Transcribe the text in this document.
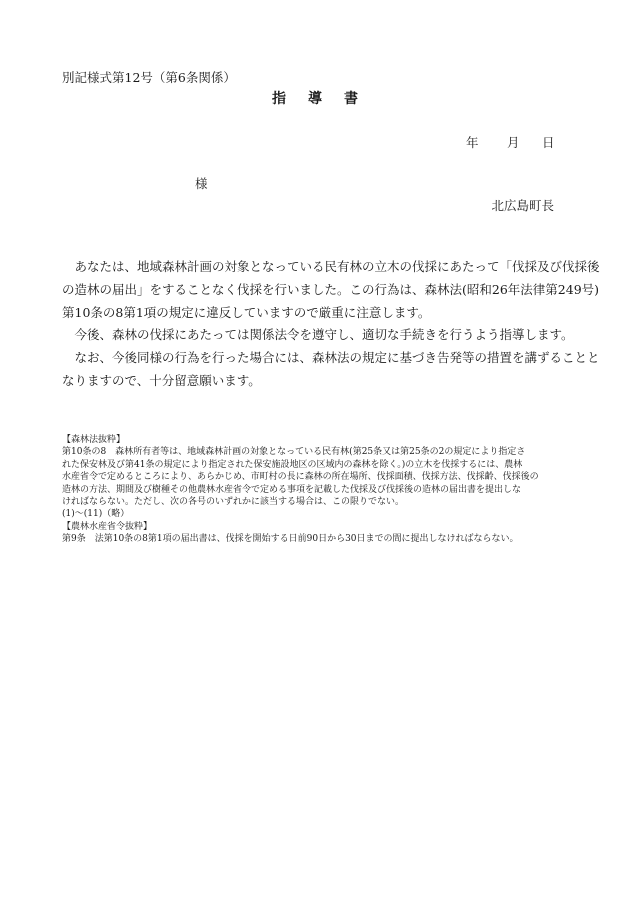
別記様式第12号（第6条関係）
指 導 書
年 月 日
様
北広島町長
あなたは、地域森林計画の対象となっている民有林の立木の伐採にあたって「伐採及び伐採後
の造林の届出」をすることなく伐採を行いました。この行為は、森林法(昭和26年法律第249号)
第10条の8第1項の規定に違反していますので厳重に注意します。
今後、森林の伐採にあたっては関係法令を遵守し、適切な手続きを行うよう指導します。
なお、今後同様の行為を行った場合には、森林法の規定に基づき告発等の措置を講ずることと
なりますので、十分留意願います。
【森林法抜粋】
第10条の8　森林所有者等は、地域森林計画の対象となっている民有林(第25条又は第25条の2の規定により指定さ
れた保安林及び第41条の規定により指定された保安施設地区の区域内の森林を除く。)の立木を伐採するには、農林
水産省令で定めるところにより、あらかじめ、市町村の長に森林の所在場所、伐採面積、伐採方法、伐採齢、伐採後の
造林の方法、期間及び樹種その他農林水産省令で定める事項を記載した伐採及び伐採後の造林の届出書を提出しな
ければならない。ただし、次の各号のいずれかに該当する場合は、この限りでない。
(1)～(11)（略）
【農林水産省令抜粋】
第9条　法第10条の8第1項の届出書は、伐採を開始する日前90日から30日までの間に提出しなければならない。
